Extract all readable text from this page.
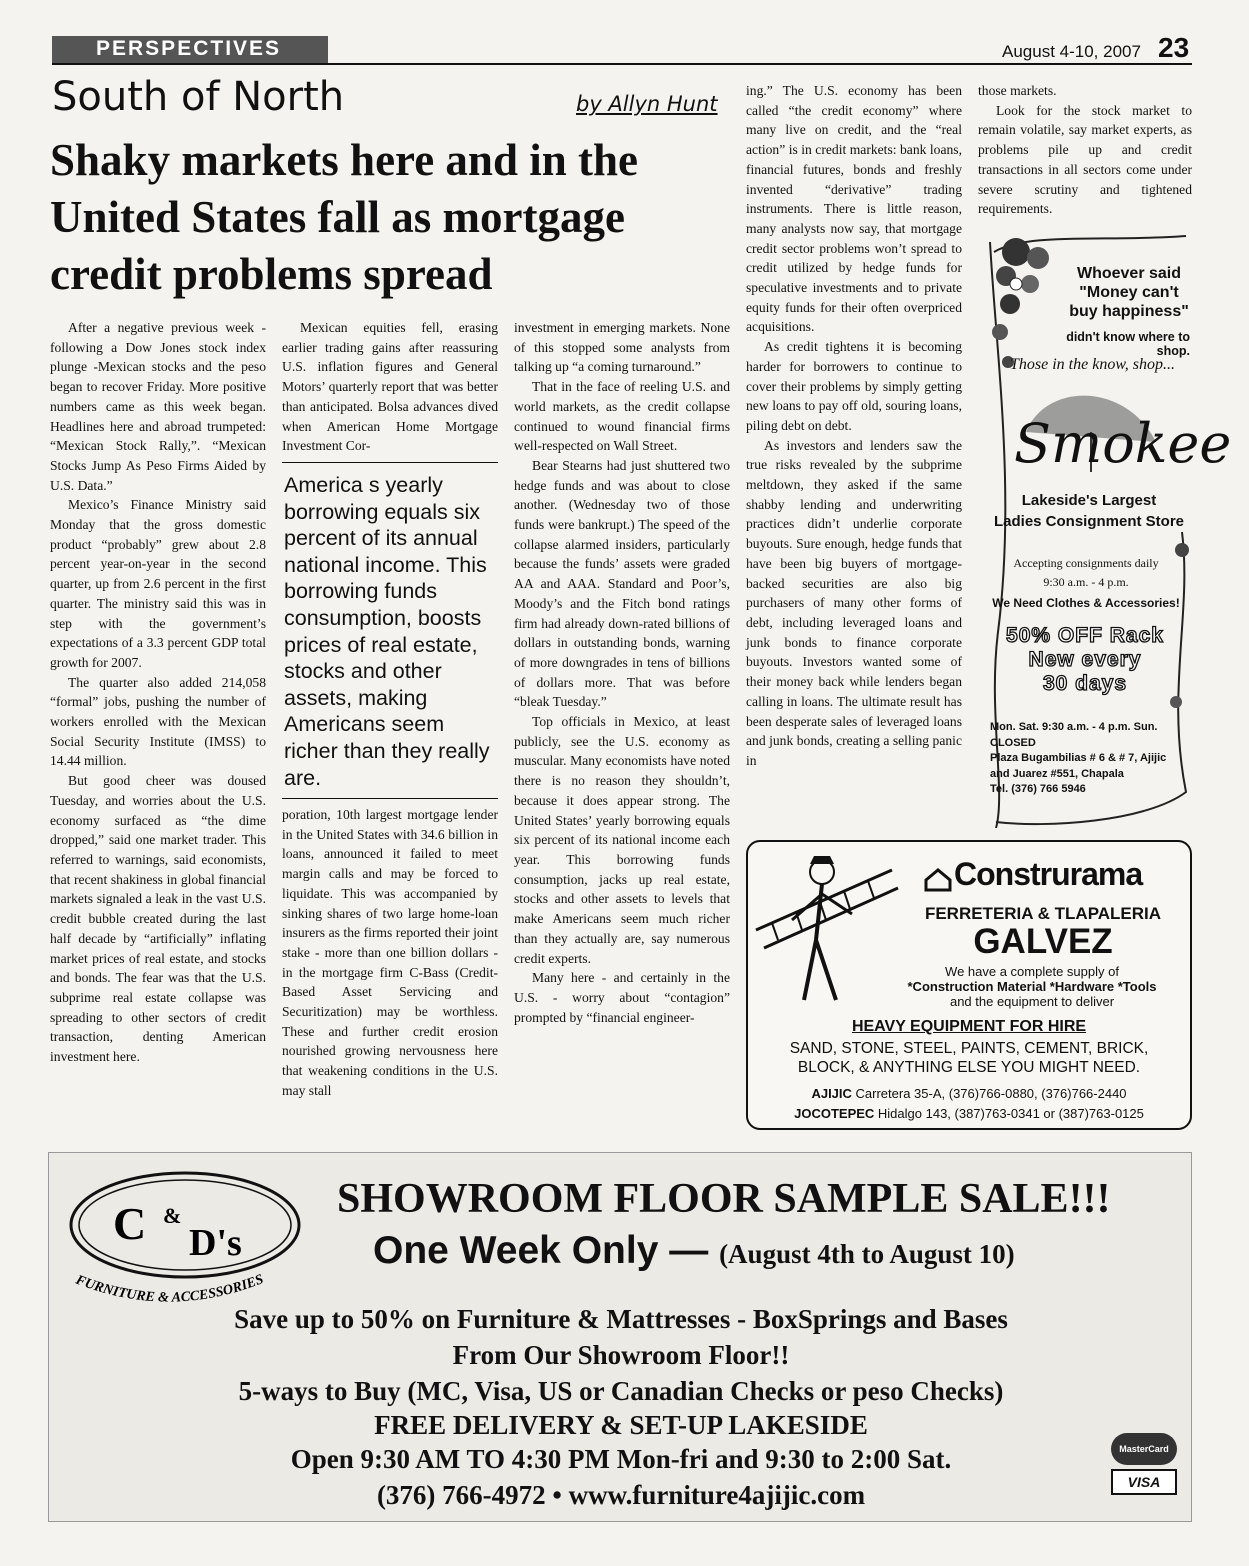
PERSPECTIVES	August 4-10, 2007 23
South of North	by Allyn Hunt
Shaky markets here and in the United States fall as mortgage credit problems spread

After a negative previous week - following a Dow Jones stock index plunge -Mexican stocks and the peso began to recover Friday. More positive numbers came as this week began. Headlines here and abroad trumpeted: “Mexican Stock Rally,”. “Mexican Stocks Jump As Peso Firms Aided by U.S. Data.”

Mexico’s Finance Ministry said Monday that the gross domestic product “probably” grew about 2.8 percent year-on-year in the second quarter, up from 2.6 percent in the first quarter. The ministry said this was in step with the government’s expectations of a 3.3 percent GDP total growth for 2007.

The quarter also added 214,058 “formal” jobs, pushing the number of workers enrolled with the Mexican Social Security Institute (IMSS) to 14.44 million.

But good cheer was doused Tuesday, and worries about the U.S. economy surfaced as “the dime dropped,” said one market trader. This referred to warnings, said economists, that recent shakiness in global financial markets signaled a leak in the vast U.S. credit bubble created during the last half decade by “artificially” inflating market prices of real estate, and stocks and bonds. The fear was that the U.S. subprime real estate collapse was spreading to other sectors of credit transaction, denting American investment here.

Mexican equities fell, erasing earlier trading gains after reassuring U.S. inflation figures and General Motors’ quarterly report that was better than anticipated. Bolsa advances dived when American Home Mortgage Investment Cor-

America s yearly borrowing equals six percent of its annual national income. This borrowing funds consumption, boosts prices of real estate, stocks and other assets, making Americans seem richer than they really are.

poration, 10th largest mortgage lender in the United States with 34.6 billion in loans, announced it failed to meet margin calls and may be forced to liquidate. This was accompanied by sinking shares of two large home-loan insurers as the firms reported their joint stake - more than one billion dollars - in the mortgage firm C-Bass (Credit-Based Asset Servicing and Securitization) may be worthless. These and further credit erosion nourished growing nervousness here that weakening conditions in the U.S. may stall

investment in emerging markets. None of this stopped some analysts from talking up “a coming turnaround.”

That in the face of reeling U.S. and world markets, as the credit collapse continued to wound financial firms well-respected on Wall Street.

Bear Stearns had just shuttered two hedge funds and was about to close another. (Wednesday two of those funds were bankrupt.) The speed of the collapse alarmed insiders, particularly because the funds’ assets were graded AA and AAA. Standard and Poor’s, Moody’s and the Fitch bond ratings firm had already down-rated billions of dollars in outstanding bonds, warning of more downgrades in tens of billions of dollars more. That was before “bleak Tuesday.”

Top officials in Mexico, at least publicly, see the U.S. economy as muscular. Many economists have noted there is no reason they shouldn’t, because it does appear strong. The United States’ yearly borrowing equals six percent of its national income each year. This borrowing funds consumption, jacks up real estate, stocks and other assets to levels that make Americans seem much richer than they actually are, say numerous credit experts.

Many here - and certainly in the U.S. - worry about “contagion” prompted by “financial engineer-

ing.” The U.S. economy has been called “the credit economy” where many live on credit, and the “real action” is in credit markets: bank loans, financial futures, bonds and freshly invented “derivative” trading instruments. There is little reason, many analysts now say, that mortgage credit sector problems won’t spread to credit utilized by hedge funds for speculative investments and to private equity funds for their often overpriced acquisitions.

As credit tightens it is becoming harder for borrowers to continue to cover their problems by simply getting new loans to pay off old, souring loans, piling debt on debt.

As investors and lenders saw the true risks revealed by the subprime meltdown, they asked if the same shabby lending and underwriting practices didn’t underlie corporate buyouts. Sure enough, hedge funds that have been big buyers of mortgage-backed securities are also big purchasers of many other forms of debt, including leveraged loans and junk bonds to finance corporate buyouts. Investors wanted some of their money back while lenders began calling in loans. The ultimate result has been desperate sales of leveraged loans and junk bonds, creating a selling panic in

those markets.

Look for the stock market to remain volatile, say market experts, as problems pile up and credit transactions in all sectors come under severe scrutiny and tightened requirements.

Whoever said "Money can't buy happiness"
didn't know where to shop.
Those in the know, shop...
Smokee
Lakeside's Largest
Ladies Consignment Store
Accepting consignments daily
9:30 a.m. - 4 p.m.
We Need Clothes & Accessories!
50% OFF Rack
New every
30 days
Mon. Sat. 9:30 a.m. - 4 p.m. Sun.
CLOSED
Plaza Bugambilias # 6 & # 7, Ajijic
and Juarez #551, Chapala
Tel. (376) 766 5946
Construrama
FERRETERIA & TLAPALERIA
GALVEZ
We have a complete supply of
*Construction Material *Hardware *Tools
and the equipment to deliver
HEAVY EQUIPMENT FOR HIRE
SAND, STONE, STEEL, PAINTS, CEMENT, BRICK,
BLOCK, & ANYTHING ELSE YOU MIGHT NEED.
AJIJIC Carretera 35-A, (376)766-0880, (376)766-2440
JOCOTEPEC Hidalgo 143, (387)763-0341 or (387)763-0125
C &
D's
FURNITURE & ACCESSORIES
SHOWROOM FLOOR SAMPLE SALE!!!
One Week Only — (August 4th to August 10)
Save up to 50% on Furniture & Mattresses - BoxSprings and Bases
From Our Showroom Floor!!
5-ways to Buy (MC, Visa, US or Canadian Checks or peso Checks)
FREE DELIVERY & SET-UP LAKESIDE
Open 9:30 AM TO 4:30 PM Mon-fri and 9:30 to 2:00 Sat.
(376) 766-4972 • www.furniture4ajijic.com
MasterCard
VISA
